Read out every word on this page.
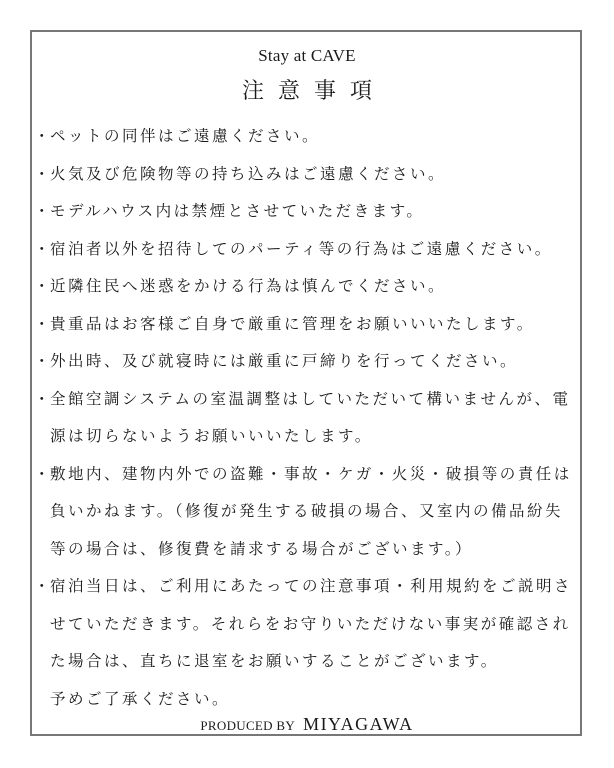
Stay at CAVE
注意事項
・ペットの同伴はご遠慮ください。
・火気及び危険物等の持ち込みはご遠慮ください。
・モデルハウス内は禁煙とさせていただきます。
・宿泊者以外を招待してのパーティ等の行為はご遠慮ください。
・近隣住民へ迷惑をかける行為は慎んでください。
・貴重品はお客様ご自身で厳重に管理をお願いいいたします。
・外出時、及び就寝時には厳重に戸締りを行ってください。
・全館空調システムの室温調整はしていただいて構いませんが、電
源は切らないようお願いいいたします。
・敷地内、建物内外での盗難・事故・ケガ・火災・破損等の責任は
負いかねます。（修復が発生する破損の場合、又室内の備品紛失
等の場合は、修復費を請求する場合がございます。）
・宿泊当日は、ご利用にあたっての注意事項・利用規約をご説明さ
せていただきます。それらをお守りいただけない事実が確認され
た場合は、直ちに退室をお願いすることがございます。
予めご了承ください。
PRODUCED BY MIYAGAWA
